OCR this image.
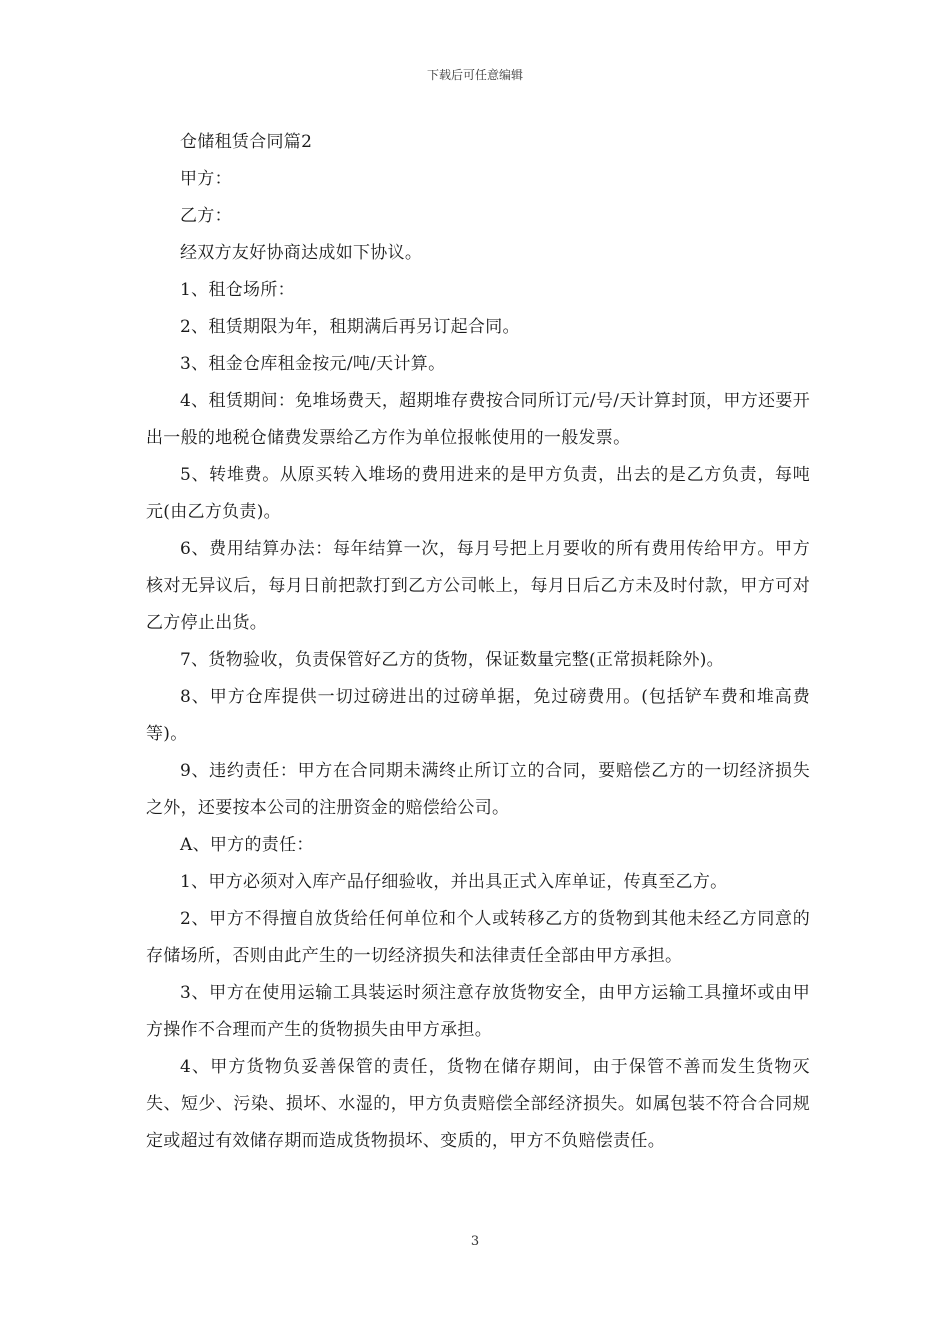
下载后可任意编辑

仓储租赁合同篇2

甲方：

乙方：

经双方友好协商达成如下协议。

1、租仓场所：

2、租赁期限为年，租期满后再另订起合同。

3、租金仓库租金按元/吨/天计算。

4、租赁期间：免堆场费天，超期堆存费按合同所订元/号/天计算封顶，甲方还要开出一般的地税仓储费发票给乙方作为单位报帐使用的一般发票。

5、转堆费。从原买转入堆场的费用进来的是甲方负责，出去的是乙方负责，每吨元(由乙方负责)。

6、费用结算办法：每年结算一次，每月号把上月要收的所有费用传给甲方。甲方核对无异议后，每月日前把款打到乙方公司帐上，每月日后乙方未及时付款，甲方可对乙方停止出货。

7、货物验收，负责保管好乙方的货物，保证数量完整(正常损耗除外)。

8、甲方仓库提供一切过磅进出的过磅单据，免过磅费用。(包括铲车费和堆高费等)。

9、违约责任：甲方在合同期未满终止所订立的合同，要赔偿乙方的一切经济损失之外，还要按本公司的注册资金的赔偿给公司。

A、甲方的责任：

1、甲方必须对入库产品仔细验收，并出具正式入库单证，传真至乙方。

2、甲方不得擅自放货给任何单位和个人或转移乙方的货物到其他未经乙方同意的存储场所，否则由此产生的一切经济损失和法律责任全部由甲方承担。

3、甲方在使用运输工具装运时须注意存放货物安全，由甲方运输工具撞坏或由甲方操作不合理而产生的货物损失由甲方承担。

4、甲方货物负妥善保管的责任，货物在储存期间，由于保管不善而发生货物灭失、短少、污染、损坏、水湿的，甲方负责赔偿全部经济损失。如属包装不符合合同规定或超过有效储存期而造成货物损坏、变质的，甲方不负赔偿责任。

3
